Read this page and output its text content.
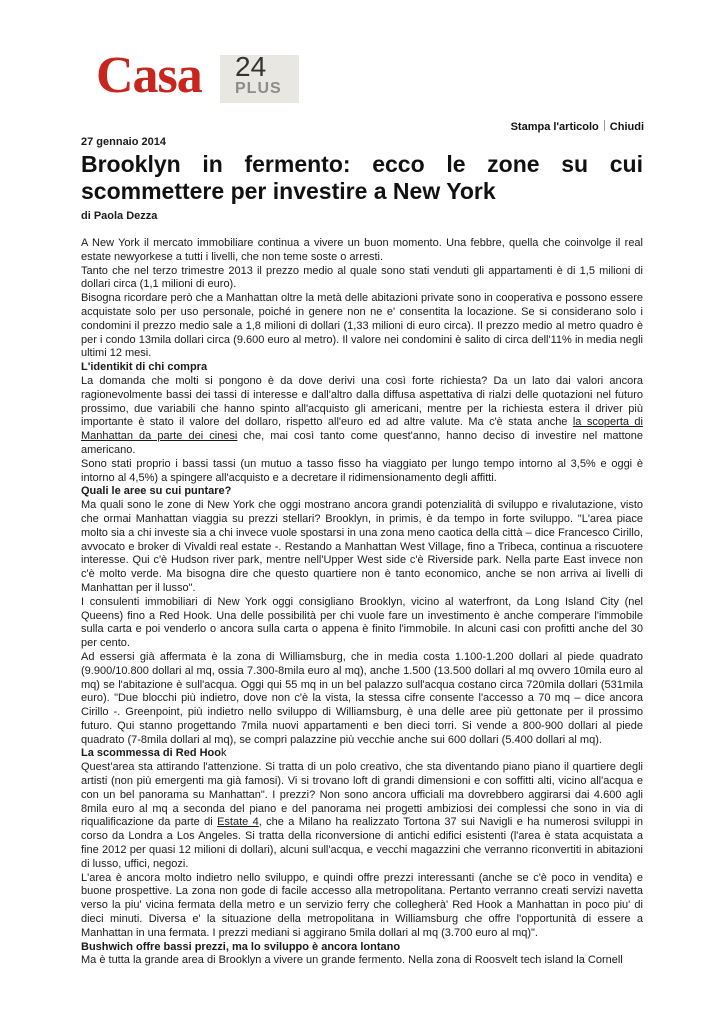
Casa 24
PLUS
Stampa l'articolo Chiudi

27 gennaio 2014

Brooklyn in fermento: ecco le zone su cui scommettere per investire a New York

di Paola Dezza

A New York il mercato immobiliare continua a vivere un buon momento. Una febbre, quella che coinvolge il real estate newyorkese a tutti i livelli, che non teme soste o arresti.

Tanto che nel terzo trimestre 2013 il prezzo medio al quale sono stati venduti gli appartamenti è di 1,5 milioni di dollari circa (1,1 milioni di euro).

Bisogna ricordare però che a Manhattan oltre la metà delle abitazioni private sono in cooperativa e possono essere acquistate solo per uso personale, poiché in genere non ne e' consentita la locazione. Se si considerano solo i condomini il prezzo medio sale a 1,8 milioni di dollari (1,33 milioni di euro circa). Il prezzo medio al metro quadro è per i condo 13mila dollari circa (9.600 euro al metro). Il valore nei condomini è salito di circa dell'11% in media negli ultimi 12 mesi.

L'identikit di chi compra

La domanda che molti si pongono è da dove derivi una così forte richiesta? Da un lato dai valori ancora ragionevolmente bassi dei tassi di interesse e dall'altro dalla diffusa aspettativa di rialzi delle quotazioni nel futuro prossimo, due variabili che hanno spinto all'acquisto gli americani, mentre per la richiesta estera il driver più importante è stato il valore del dollaro, rispetto all'euro ed ad altre valute. Ma c'è stata anche la scoperta di Manhattan da parte dei cinesi che, mai così tanto come quest'anno, hanno deciso di investire nel mattone americano.

Sono stati proprio i bassi tassi (un mutuo a tasso fisso ha viaggiato per lungo tempo intorno al 3,5% e oggi è intorno al 4,5%) a spingere all'acquisto e a decretare il ridimensionamento degli affitti.

Quali le aree su cui puntare?

Ma quali sono le zone di New York che oggi mostrano ancora grandi potenzialità di sviluppo e rivalutazione, visto che ormai Manhattan viaggia su prezzi stellari? Brooklyn, in primis, è da tempo in forte sviluppo. "L'area piace molto sia a chi investe sia a chi invece vuole spostarsi in una zona meno caotica della città – dice Francesco Cirillo, avvocato e broker di Vivaldi real estate -. Restando a Manhattan West Village, fino a Tribeca, continua a riscuotere interesse. Qui c'è Hudson river park, mentre nell'Upper West side c'è Riverside park. Nella parte East invece non c'è molto verde. Ma bisogna dire che questo quartiere non è tanto economico, anche se non arriva ai livelli di Manhattan per il lusso".

I consulenti immobiliari di New York oggi consigliano Brooklyn, vicino al waterfront, da Long Island City (nel Queens) fino a Red Hook. Una delle possibilità per chi vuole fare un investimento è anche comperare l'immobile sulla carta e poi venderlo o ancora sulla carta o appena è finito l'immobile. In alcuni casi con profitti anche del 30 per cento.

Ad essersi già affermata è la zona di Williamsburg, che in media costa 1.100-1.200 dollari al piede quadrato (9.900/10.800 dollari al mq, ossia 7.300-8mila euro al mq), anche 1.500 (13.500 dollari al mq ovvero 10mila euro al mq) se l'abitazione è sull'acqua. Oggi qui 55 mq in un bel palazzo sull'acqua costano circa 720mila dollari (531mila euro). "Due blocchi più indietro, dove non c'è la vista, la stessa cifre consente l'accesso a 70 mq – dice ancora Cirillo -. Greenpoint, più indietro nello sviluppo di Williamsburg, è una delle aree più gettonate per il prossimo futuro. Qui stanno progettando 7mila nuovi appartamenti e ben dieci torri. Si vende a 800-900 dollari al piede quadrato (7-8mila dollari al mq), se compri palazzine più vecchie anche sui 600 dollari (5.400 dollari al mq).

La scommessa di Red Hook

Quest'area sta attirando l'attenzione. Si tratta di un polo creativo, che sta diventando piano piano il quartiere degli artisti (non più emergenti ma già famosi). Vi si trovano loft di grandi dimensioni e con soffitti alti, vicino all'acqua e con un bel panorama su Manhattan". I prezzi? Non sono ancora ufficiali ma dovrebbero aggirarsi dai 4.600 agli 8mila euro al mq a seconda del piano e del panorama nei progetti ambiziosi dei complessi che sono in via di riqualificazione da parte di Estate 4, che a Milano ha realizzato Tortona 37 sui Navigli e ha numerosi sviluppi in corso da Londra a Los Angeles. Si tratta della riconversione di antichi edifici esistenti (l'area è stata acquistata a fine 2012 per quasi 12 milioni di dollari), alcuni sull'acqua, e vecchi magazzini che verranno riconvertiti in abitazioni di lusso, uffici, negozi.

L'area è ancora molto indietro nello sviluppo, e quindi offre prezzi interessanti (anche se c'è poco in vendita) e buone prospettive. La zona non gode di facile accesso alla metropolitana. Pertanto verranno creati servizi navetta verso la piu' vicina fermata della metro e un servizio ferry che collegherà' Red Hook a Manhattan in poco piu' di dieci minuti. Diversa e' la situazione della metropolitana in Williamsburg che offre l'opportunità di essere a Manhattan in una fermata. I prezzi mediani si aggirano 5mila dollari al mq (3.700 euro al mq)".

Bushwich offre bassi prezzi, ma lo sviluppo è ancora lontano

Ma è tutta la grande area di Brooklyn a vivere un grande fermento. Nella zona di Roosvelt tech island la Cornell
